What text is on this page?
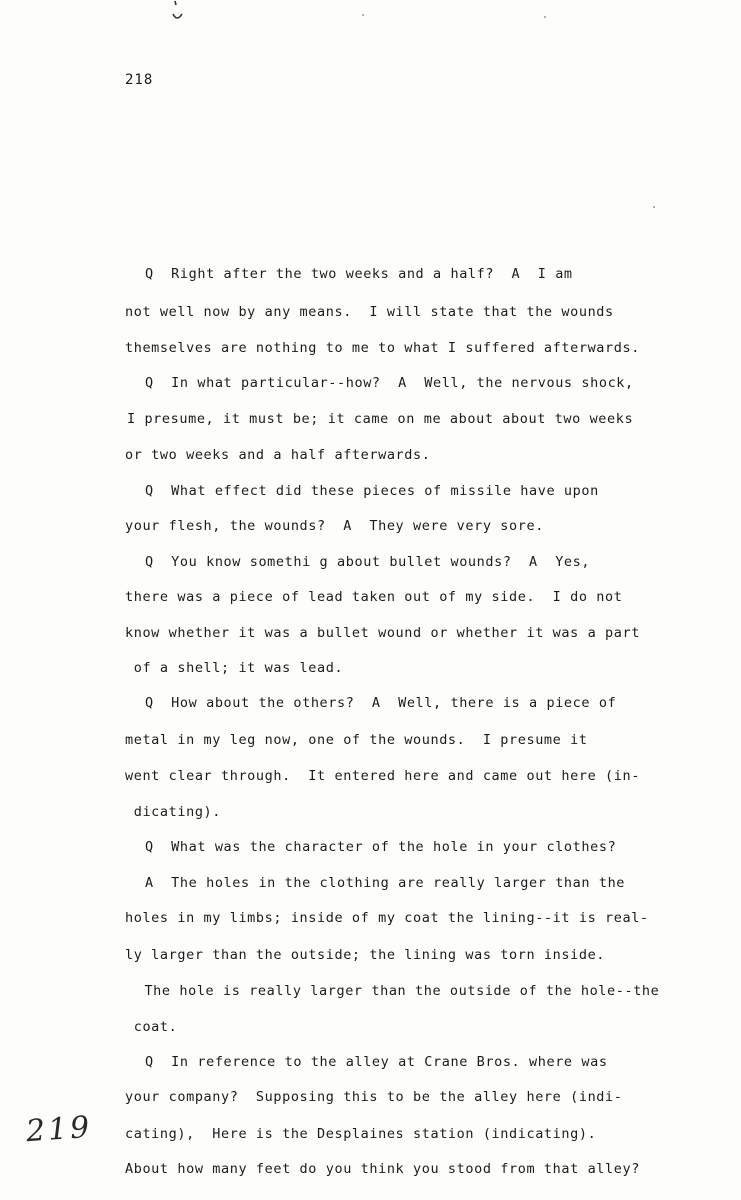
218
Q  Right after the two weeks and a half?  A  I am
not well now by any means.  I will state that the wounds
themselves are nothing to me to what I suffered afterwards.
Q  In what particular--how?  A  Well, the nervous shock,
I presume, it must be; it came on me about about two weeks
or two weeks and a half afterwards.
Q  What effect did these pieces of missile have upon
your flesh, the wounds?  A  They were very sore.
Q  You know somethi g about bullet wounds?  A  Yes,
there was a piece of lead taken out of my side.  I do not
know whether it was a bullet wound or whether it was a part
of a shell; it was lead.
Q  How about the others?  A  Well, there is a piece of
metal in my leg now, one of the wounds.  I presume it
went clear through.  It entered here and came out here (in-
dicating).
Q  What was the character of the hole in your clothes?
A  The holes in the clothing are really larger than the
holes in my limbs; inside of my coat the lining--it is real-
ly larger than the outside; the lining was torn inside.
The hole is really larger than the outside of the hole--the
coat.
Q  In reference to the alley at Crane Bros. where was
your company?  Supposing this to be the alley here (indi-
cating),  Here is the Desplaines station (indicating).
About how many feet do you think you stood from that alley?
219
